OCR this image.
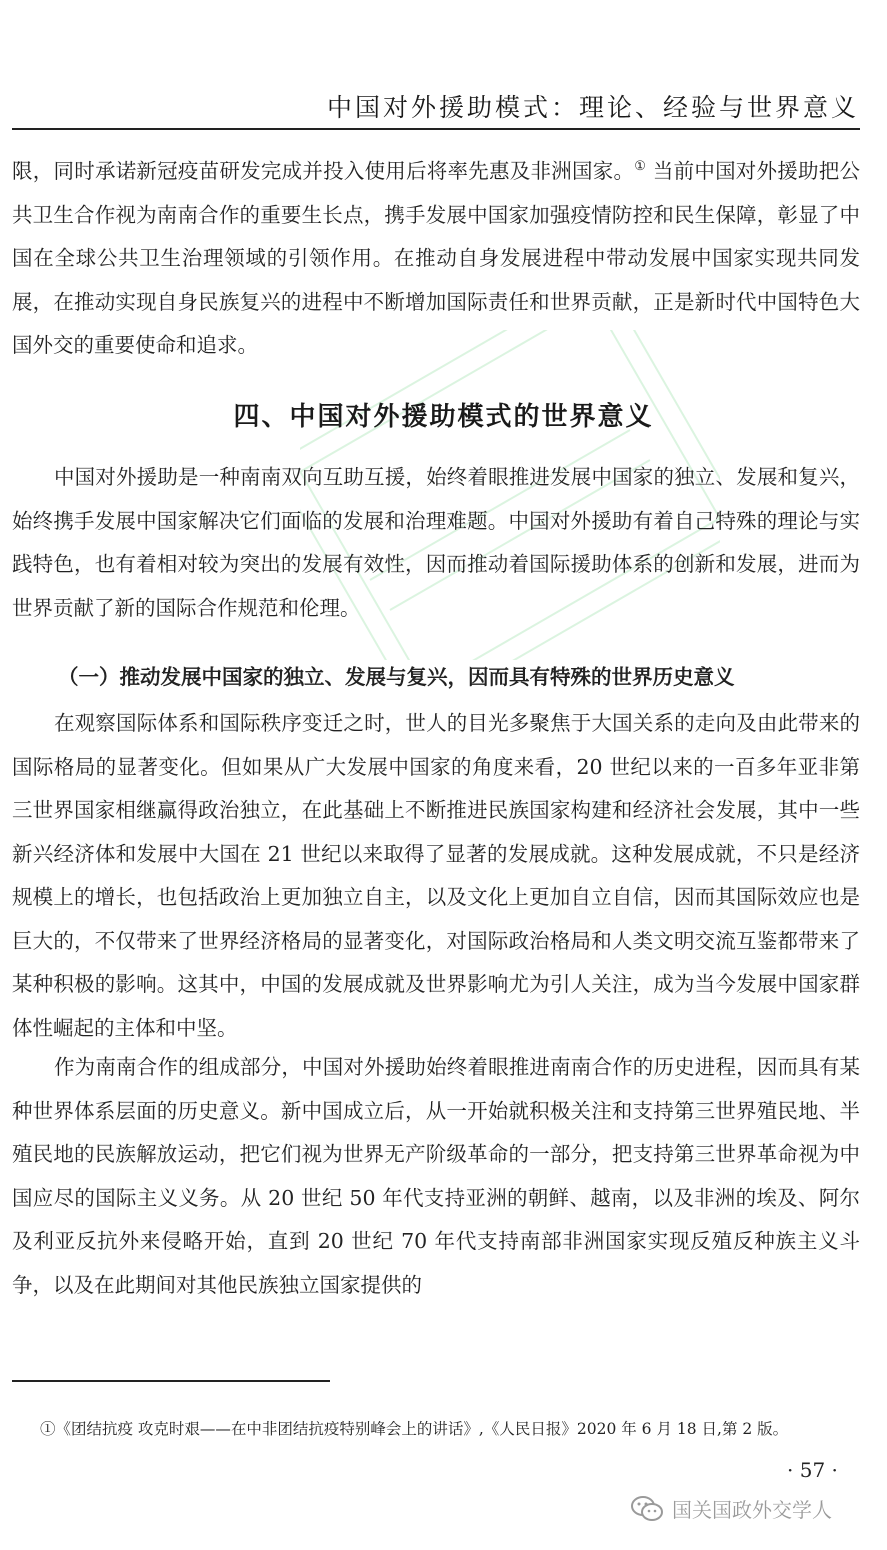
中国对外援助模式：理论、经验与世界意义

限，同时承诺新冠疫苗研发完成并投入使用后将率先惠及非洲国家。① 当前中国对外援助把公共卫生合作视为南南合作的重要生长点，携手发展中国家加强疫情防控和民生保障，彰显了中国在全球公共卫生治理领域的引领作用。在推动自身发展进程中带动发展中国家实现共同发展，在推动实现自身民族复兴的进程中不断增加国际责任和世界贡献，正是新时代中国特色大国外交的重要使命和追求。

四、中国对外援助模式的世界意义

中国对外援助是一种南南双向互助互援，始终着眼推进发展中国家的独立、发展和复兴，始终携手发展中国家解决它们面临的发展和治理难题。中国对外援助有着自己特殊的理论与实践特色，也有着相对较为突出的发展有效性，因而推动着国际援助体系的创新和发展，进而为世界贡献了新的国际合作规范和伦理。

（一）推动发展中国家的独立、发展与复兴，因而具有特殊的世界历史意义

在观察国际体系和国际秩序变迁之时，世人的目光多聚焦于大国关系的走向及由此带来的国际格局的显著变化。但如果从广大发展中国家的角度来看，20 世纪以来的一百多年亚非第三世界国家相继赢得政治独立，在此基础上不断推进民族国家构建和经济社会发展，其中一些新兴经济体和发展中大国在 21 世纪以来取得了显著的发展成就。这种发展成就，不只是经济规模上的增长，也包括政治上更加独立自主，以及文化上更加自立自信，因而其国际效应也是巨大的，不仅带来了世界经济格局的显著变化，对国际政治格局和人类文明交流互鉴都带来了某种积极的影响。这其中，中国的发展成就及世界影响尤为引人关注，成为当今发展中国家群体性崛起的主体和中坚。

作为南南合作的组成部分，中国对外援助始终着眼推进南南合作的历史进程，因而具有某种世界体系层面的历史意义。新中国成立后，从一开始就积极关注和支持第三世界殖民地、半殖民地的民族解放运动，把它们视为世界无产阶级革命的一部分，把支持第三世界革命视为中国应尽的国际主义义务。从 20 世纪 50 年代支持亚洲的朝鲜、越南，以及非洲的埃及、阿尔及利亚反抗外来侵略开始，直到 20 世纪 70 年代支持南部非洲国家实现反殖反种族主义斗争，以及在此期间对其他民族独立国家提供的

①《团结抗疫 攻克时艰——在中非团结抗疫特别峰会上的讲话》,《人民日报》2020 年 6 月 18 日,第 2 版。

· 57 ·
国关国政外交学人
